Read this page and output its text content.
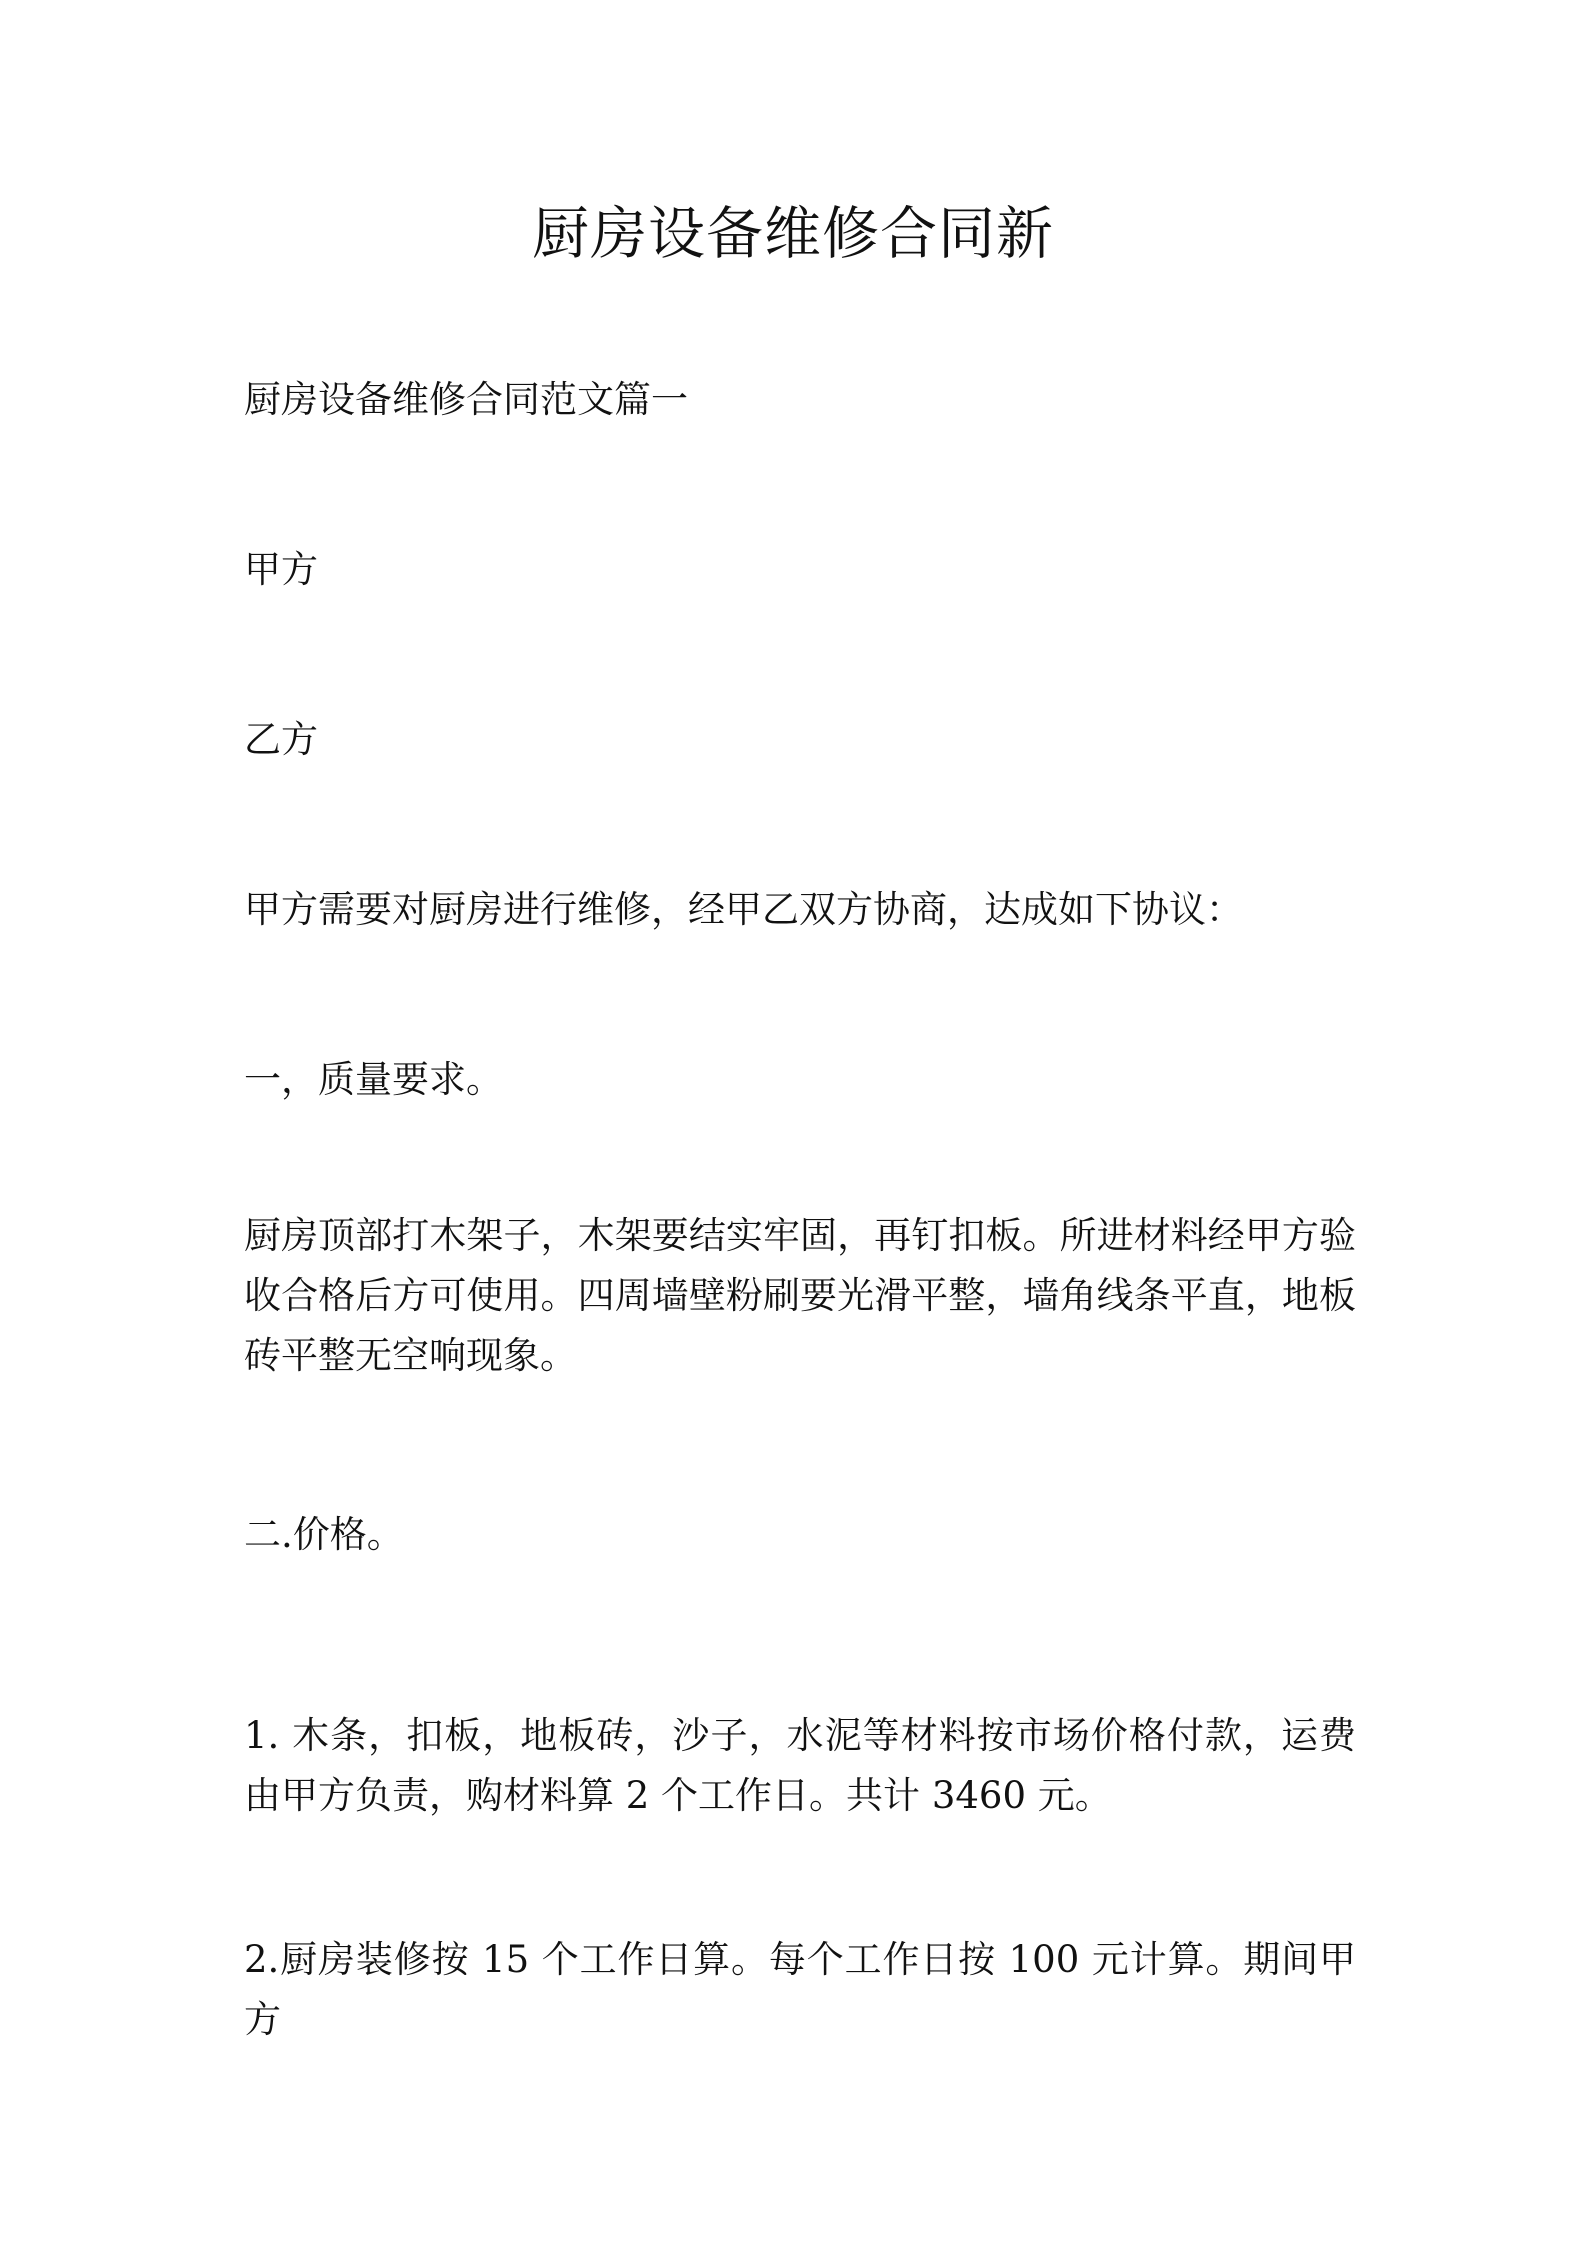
厨房设备维修合同新
厨房设备维修合同范文篇一
甲方
乙方
甲方需要对厨房进行维修，经甲乙双方协商，达成如下协议：
一，质量要求。
厨房顶部打木架子，木架要结实牢固，再钉扣板。所进材料经甲方验收合格后方可使用。四周墙壁粉刷要光滑平整，墙角线条平直，地板砖平整无空响现象。
二.价格。
1. 木条，扣板，地板砖，沙子，水泥等材料按市场价格付款，运费由甲方负责，购材料算 2 个工作日。共计 3460 元。
2.厨房装修按 15 个工作日算。每个工作日按 100 元计算。期间甲方
